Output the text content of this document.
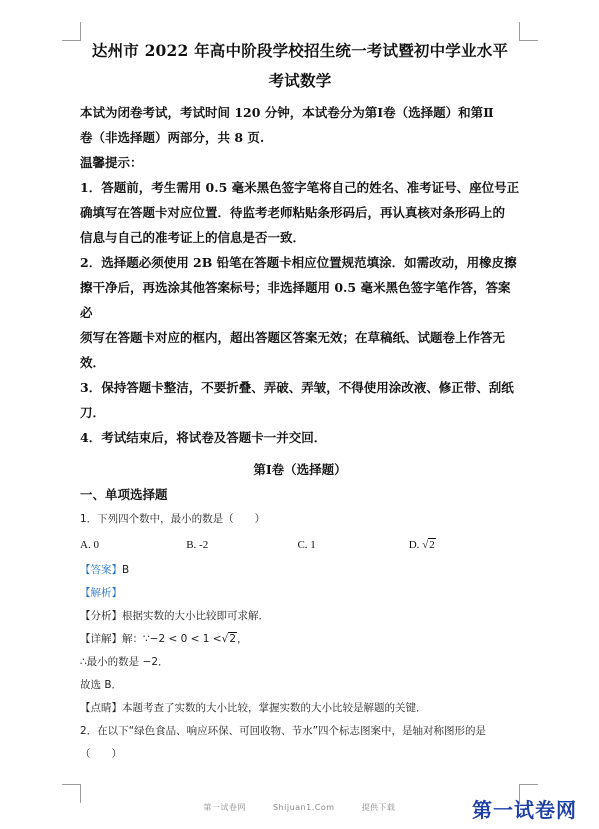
达州市 2022 年高中阶段学校招生统一考试暨初中学业水平

考试数学

本试为闭卷考试，考试时间 120 分钟，本试卷分为第Ⅰ卷（选择题）和第Ⅱ

卷（非选择题）两部分，共 8 页.

温馨提示：

1．答题前，考生需用 0.5 毫米黑色签字笔将自己的姓名、准考证号、座位号正

确填写在答题卡对应位置．待监考老师粘贴条形码后，再认真核对条形码上的

信息与自己的准考证上的信息是否一致．

2．选择题必须使用 2B 铅笔在答题卡相应位置规范填涂．如需改动，用橡皮擦

擦干净后，再选涂其他答案标号；非选择题用 0.5 毫米黑色签字笔作答，答案必

须写在答题卡对应的框内，超出答题区答案无效；在草稿纸、试题卷上作答无

效．

3．保持答题卡整洁，不要折叠、弄破、弄皱，不得使用涂改液、修正带、刮纸

刀．

4．考试结束后，将试卷及答题卡一并交回．

第Ⅰ卷（选择题）

一、单项选择题

1．下列四个数中，最小的数是（　　）

A. 0	B. -2	C. 1	D. √2

【答案】B

【解析】

【分析】根据实数的大小比较即可求解．

【详解】解：∵−2 < 0 < 1 <√2，

∴最小的数是 −2．

故选 B．

【点睛】本题考查了实数的大小比较，掌握实数的大小比较是解题的关键．

2．在以下“绿色食品、响应环保、可回收物、节水”四个标志图案中，是轴对称图形的是

（　　）

第一试卷网	Shijuan1.Com	提供下载	第一试卷网
